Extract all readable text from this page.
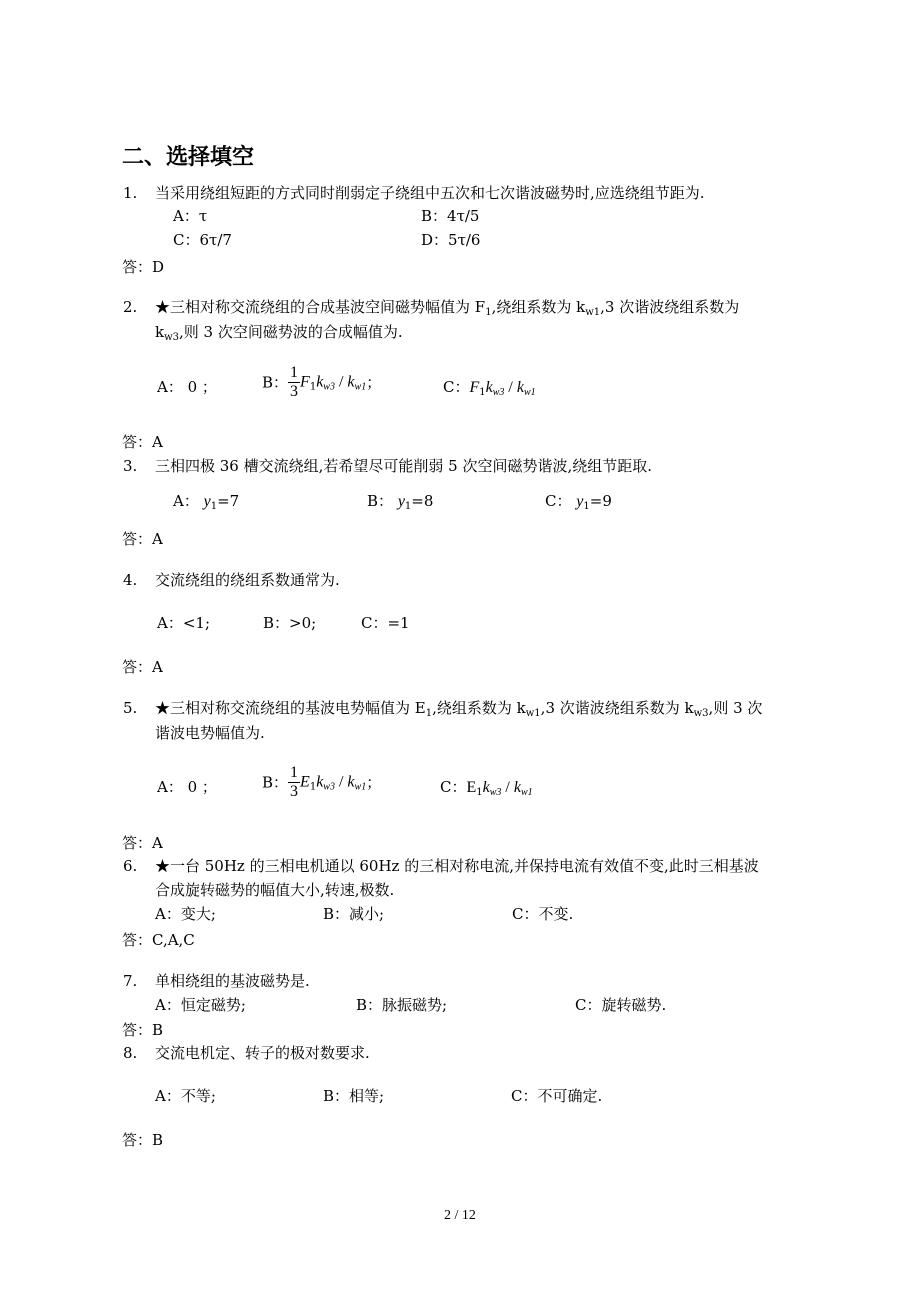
二、选择填空
1. 当采用绕组短距的方式同时削弱定子绕组中五次和七次谐波磁势时,应选绕组节距为.
A：τ	B：4τ/5
C：6τ/7	D：5τ/6
答：D
2. ★三相对称交流绕组的合成基波空间磁势幅值为 $F_1$,绕组系数为 $k_{w1},3$ 次谐波绕组系数为
$k_{w3}$,则 3 次空间磁势波的合成幅值为.
A： 0 ；	B： $\frac{1}{3} F_1k_{w3} / k_{w1}$；	C：$F_1k_{w3} / k_{w1}$
答：A
3. 三相四极 36 槽交流绕组,若希望尽可能削弱 5 次空间磁势谐波,绕组节距取.
A： $y_1=7$	B： $y_1=8$	C： $y_1=9$
答：A
4. 交流绕组的绕组系数通常为.
A：<1;	B：>0;	C：=1
答：A
5. ★三相对称交流绕组的基波电势幅值为 $E_1$,绕组系数为 $k_{w1},3$ 次谐波绕组系数为 $k_{w3}$,则 3 次
谐波电势幅值为.
A： 0 ；	B： $\frac{1}{3} E_1k_{w3} / k_{w1}$；	C：$E_1k_{w3} / k_{w1}$
答：A
6. ★一台 50Hz 的三相电机通以 60Hz 的三相对称电流,并保持电流有效值不变,此时三相基波
合成旋转磁势的幅值大小,转速,极数.
A：变大;	B：减小;	C：不变.
答：C,A,C
7. 单相绕组的基波磁势是.
A：恒定磁势;	B：脉振磁势;	C：旋转磁势.
答：B
8. 交流电机定、转子的极对数要求.
A：不等;	B：相等;	C：不可确定.
答：B
2 / 12
